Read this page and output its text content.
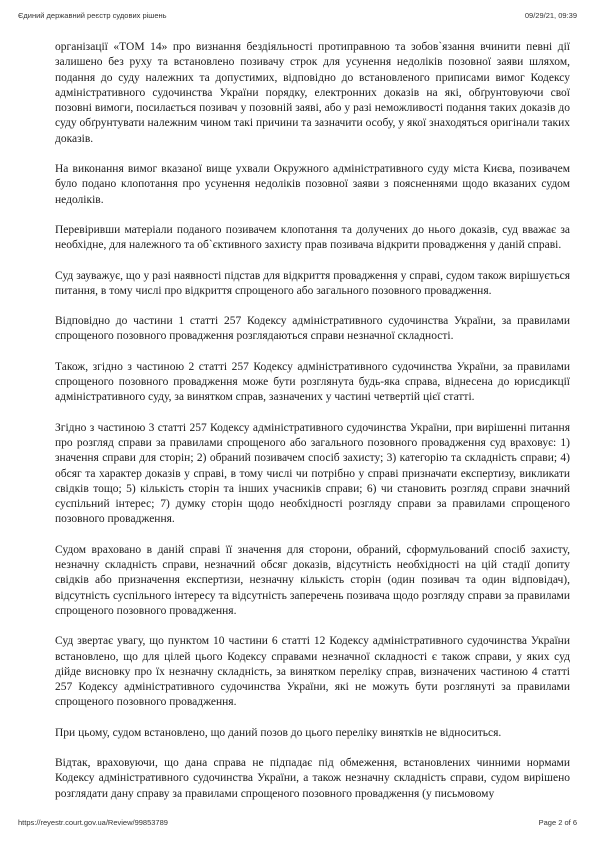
Єдиний державний реєстр судових рішень	09/29/21, 09:39

організації «ТОМ 14» про визнання бездіяльності протиправною та зобов`язання вчинити певні дії залишено без руху та встановлено позивачу строк для усунення недоліків позовної заяви шляхом, подання до суду належних та допустимих, відповідно до встановленого приписами вимог Кодексу адміністративного судочинства України порядку, електронних доказів на які, обґрунтовуючи свої позовні вимоги, посилається позивач у позовній заяві, або у разі неможливості подання таких доказів до суду обґрунтувати належним чином такі причини та зазначити особу, у якої знаходяться оригінали таких доказів.

На виконання вимог вказаної вище ухвали Окружного адміністративного суду міста Києва, позивачем було подано клопотання про усунення недоліків позовної заяви з поясненнями щодо вказаних судом недоліків.

Перевіривши матеріали поданого позивачем клопотання та долучених до нього доказів, суд вважає за необхідне, для належного та об`єктивного захисту прав позивача відкрити провадження у даній справі.

Суд зауважує, що у разі наявності підстав для відкриття провадження у справі, судом також вирішується питання, в тому числі про відкриття спрощеного або загального позовного провадження.

Відповідно до частини 1 статті 257 Кодексу адміністративного судочинства України, за правилами спрощеного позовного провадження розглядаються справи незначної складності.

Також, згідно з частиною 2 статті 257 Кодексу адміністративного судочинства України, за правилами спрощеного позовного провадження може бути розглянута будь-яка справа, віднесена до юрисдикції адміністративного суду, за винятком справ, зазначених у частині четвертій цієї статті.

Згідно з частиною 3 статті 257 Кодексу адміністративного судочинства України, при вирішенні питання про розгляд справи за правилами спрощеного або загального позовного провадження суд враховує: 1) значення справи для сторін; 2) обраний позивачем спосіб захисту; 3) категорію та складність справи; 4) обсяг та характер доказів у справі, в тому числі чи потрібно у справі призначати експертизу, викликати свідків тощо; 5) кількість сторін та інших учасників справи; 6) чи становить розгляд справи значний суспільний інтерес; 7) думку сторін щодо необхідності розгляду справи за правилами спрощеного позовного провадження.

Судом враховано в даній справі її значення для сторони, обраний, сформульований спосіб захисту, незначну складність справи, незначний обсяг доказів, відсутність необхідності на цій стадії допиту свідків або призначення експертизи, незначну кількість сторін (один позивач та один відповідач), відсутність суспільного інтересу та відсутність заперечень позивача щодо розгляду справи за правилами спрощеного позовного провадження.

Суд звертає увагу, що пунктом 10 частини 6 статті 12 Кодексу адміністративного судочинства України встановлено, що для цілей цього Кодексу справами незначної складності є також справи, у яких суд дійде висновку про їх незначну складність, за винятком переліку справ, визначених частиною 4 статті 257 Кодексу адміністративного судочинства України, які не можуть бути розглянуті за правилами спрощеного позовного провадження.

При цьому, судом встановлено, що даний позов до цього переліку винятків не відноситься.

Відтак, враховуючи, що дана справа не підпадає під обмеження, встановлених чинними нормами Кодексу адміністративного судочинства України, а також незначну складність справи, судом вирішено розглядати дану справу за правилами спрощеного позовного провадження (у письмовому

https://reyestr.court.gov.ua/Review/99853789	Page 2 of 6
